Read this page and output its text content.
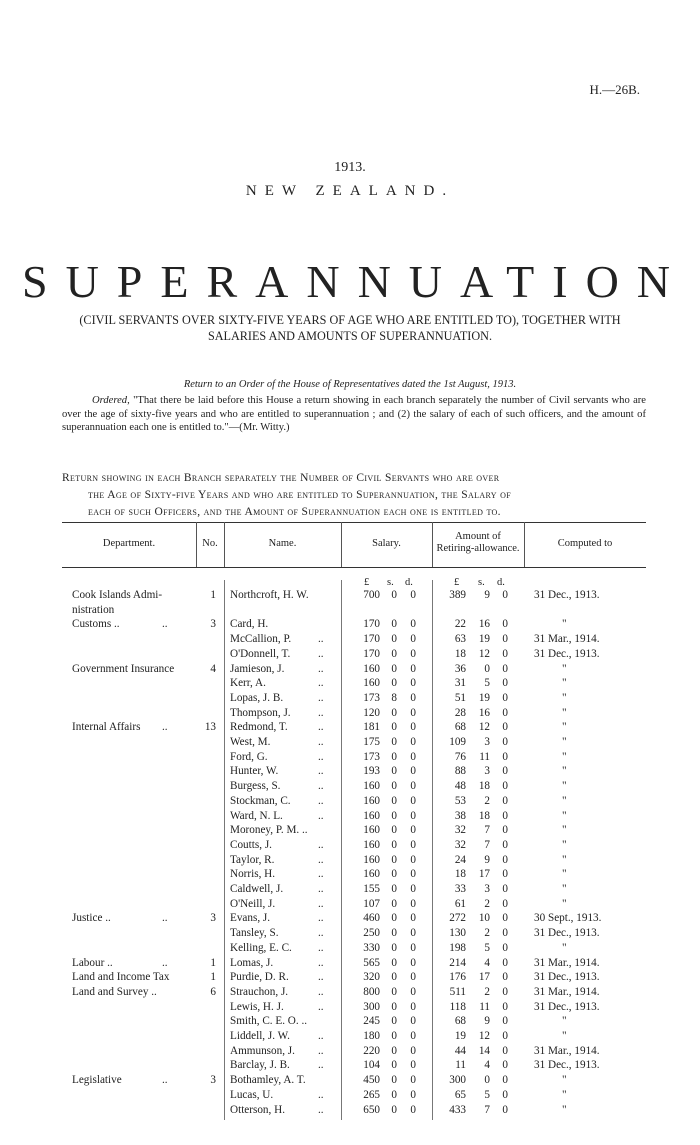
H.—26B.
1913.
NEW ZEALAND.
SUPERANNUATION
(CIVIL SERVANTS OVER SIXTY-FIVE YEARS OF AGE WHO ARE ENTITLED TO), TOGETHER WITH SALARIES AND AMOUNTS OF SUPERANNUATION.
Return to an Order of the House of Representatives dated the 1st August, 1913.
Ordered, "That there be laid before this House a return showing in each branch separately the number of Civil servants who are over the age of sixty-five years and who are entitled to superannuation ; and (2) the salary of each of such officers, and the amount of superannuation each one is entitled to."—(Mr. Witty.)
Return showing in each Branch separately the Number of Civil Servants who are over
the Age of Sixty-five Years and who are entitled to Superannuation, the Salary of
each of such Officers, and the Amount of Superannuation each one is entitled to.
Department.	No.	Name.	Salary.
Amount of
Retiring-allowance.	Computed to
£ s. d.	£ s. d.
Cook Islands Admi-	1 Northcroft, H. W.	700	0	0	389	9	0 31 Dec., 1913.
nistration
Customs ..	..	3 Card, H.	170	0	0	22 16	0	"
McCallion, P. ..	170	0	0	63 19	0 31 Mar., 1914.
O'Donnell, T. ..	170	0	0	18 12	0 31 Dec., 1913.
Government Insurance	4 Jamieson, J.	..	160	0	0	36	0	0	"
Kerr, A.	..	160	0	0	31	5	0	"
Lopas, J. B.	..	173	8	0	51 19	0	"
Thompson, J. ..	120	0	0	28 16	0	"
Internal Affairs	..	13 Redmond, T.	..	181	0	0	68 12	0	"
West, M.	..	175	0	0	109	3	0	"
Ford, G.	..	173	0	0	76 11	0	"
Hunter, W.	..	193	0	0	88	3	0	"
Burgess, S.	..	160	0	0	48 18	0	"
Stockman, C. ..	160	0	0	53	2	0	"
Ward, N. L.	..	160	0	0	38 18	0	"
Moroney, P. M. ..	160	0	0	32	7	0	"
Coutts, J.	..	160	0	0	32	7	0	"
Taylor, R.	..	160	0	0	24	9	0	"
Norris, H.	..	160	0	0	18 17	0	"
Caldwell, J.	..	155	0	0	33	3	0	"
O'Neill, J.	..	107	0	0	61	2	0	"
Justice ..	..	3 Evans, J.	..	460	0	0	272 10	0 30 Sept., 1913.
Tansley, S.	..	250	0	0	130	2	0 31 Dec., 1913.
Kelling, E. C. ..	330	0	0	198	5	0	"
Labour ..	..	1 Lomas, J.	..	565	0	0	214	4	0 31 Mar., 1914.
Land and Income Tax	1 Purdie, D. R.	..	320	0	0	176 17	0 31 Dec., 1913.
Land and Survey ..	6 Strauchon, J.	..	800	0	0	511	2	0 31 Mar., 1914.
Lewis, H. J.	..	300	0	0	118 11	0 31 Dec., 1913.
Smith, C. E. O. ..	245	0	0	68	9	0	"
Liddell, J. W.	..	180	0	0	19 12	0	"
Ammunson, J. ..	220	0	0	44 14	0 31 Mar., 1914.
Barclay, J. B.	..	104	0	0	11	4	0 31 Dec., 1913.
Legislative	..	3 Bothamley, A. T.	450	0	0	300	0	0	"
Lucas, U.	..	265	0	0	65	5	0	"
Otterson, H.	..	650	0	0	433	7	0	"
